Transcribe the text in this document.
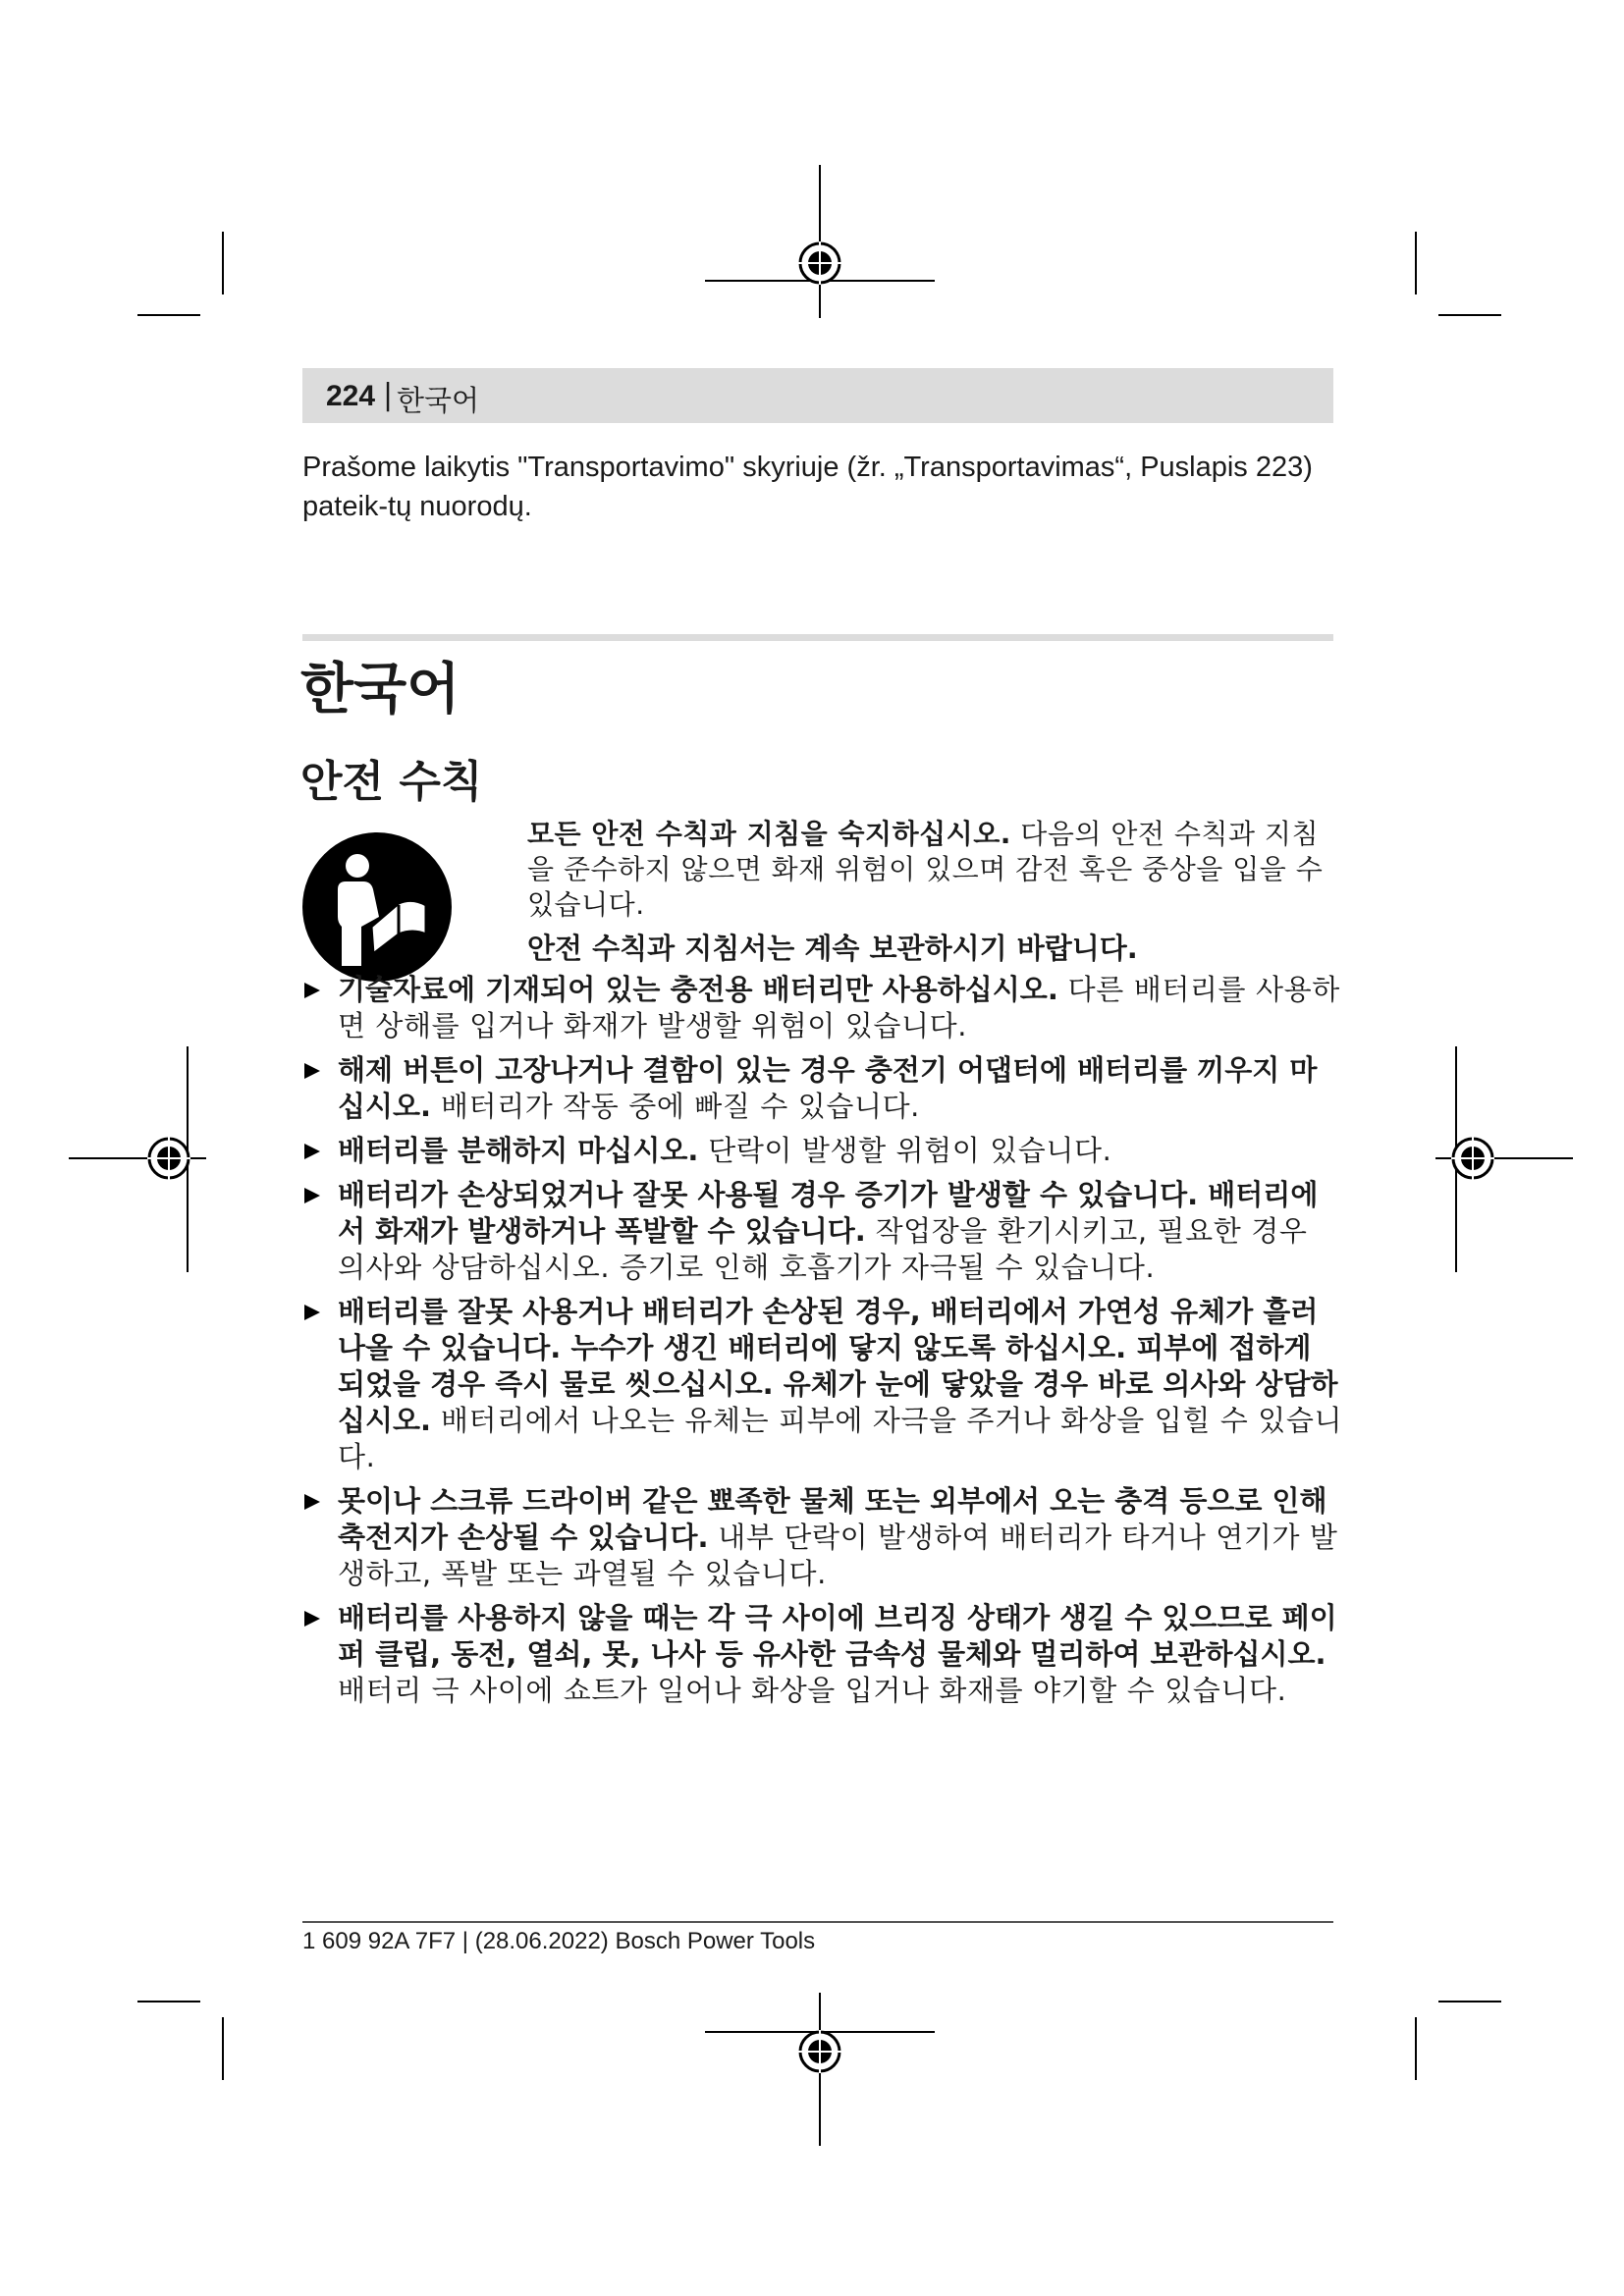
224 | 한국어
Prašome laikytis "Transportavimo" skyriuje (žr. „Transportavimas“, Puslapis 223) pateik-tų nuorodų.
한국어
안전 수칙
모든 안전 수칙과 지침을 숙지하십시오. 다음의 안전 수칙과 지침을 준수하지 않으면 화재 위험이 있으며 감전 혹은 중상을 입을 수 있습니다.
안전 수칙과 지침서는 계속 보관하시기 바랍니다.
기술자료에 기재되어 있는 충전용 배터리만 사용하십시오. 다른 배터리를 사용하면 상해를 입거나 화재가 발생할 위험이 있습니다.
해제 버튼이 고장나거나 결함이 있는 경우 충전기 어댑터에 배터리를 끼우지 마십시오. 배터리가 작동 중에 빠질 수 있습니다.
배터리를 분해하지 마십시오. 단락이 발생할 위험이 있습니다.
배터리가 손상되었거나 잘못 사용될 경우 증기가 발생할 수 있습니다. 배터리에서 화재가 발생하거나 폭발할 수 있습니다. 작업장을 환기시키고, 필요한 경우 의사와 상담하십시오. 증기로 인해 호흡기가 자극될 수 있습니다.
배터리를 잘못 사용거나 배터리가 손상된 경우, 배터리에서 가연성 유체가 흘러나올 수 있습니다. 누수가 생긴 배터리에 닿지 않도록 하십시오. 피부에 접하게 되었을 경우 즉시 물로 씻으십시오. 유체가 눈에 닿았을 경우 바로 의사와 상담하십시오. 배터리에서 나오는 유체는 피부에 자극을 주거나 화상을 입힐 수 있습니다.
못이나 스크류 드라이버 같은 뾰족한 물체 또는 외부에서 오는 충격 등으로 인해 축전지가 손상될 수 있습니다. 내부 단락이 발생하여 배터리가 타거나 연기가 발생하고, 폭발 또는 과열될 수 있습니다.
배터리를 사용하지 않을 때는 각 극 사이에 브리징 상태가 생길 수 있으므로 페이퍼 클립, 동전, 열쇠, 못, 나사 등 유사한 금속성 물체와 멀리하여 보관하십시오. 배터리 극 사이에 쇼트가 일어나 화상을 입거나 화재를 야기할 수 있습니다.
1 609 92A 7F7 | (28.06.2022) Bosch Power Tools
